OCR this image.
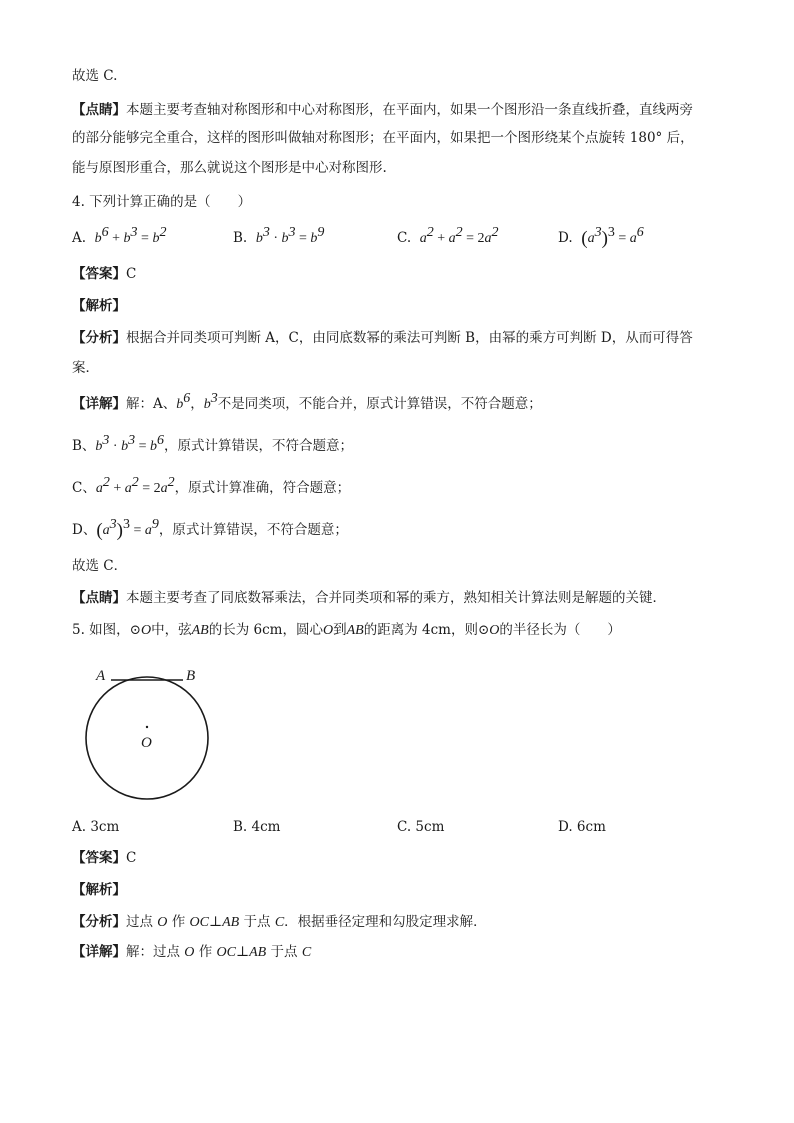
故选 C.
【点睛】本题主要考查轴对称图形和中心对称图形，在平面内，如果一个图形沿一条直线折叠，直线两旁
的部分能够完全重合，这样的图形叫做轴对称图形；在平面内，如果把一个图形绕某个点旋转 180° 后，
能与原图形重合，那么就说这个图形是中心对称图形.
4. 下列计算正确的是（　　）
A. $b^6 + b^3 = b^2$	B. $b^3 \cdot b^3 = b^9$	C. $a^2 + a^2 = 2a^2$	D. $(a^3)^3 = a^6$
【答案】C
【解析】
【分析】根据合并同类项可判断 A，C，由同底数幂的乘法可判断 B，由幂的乘方可判断 D，从而可得答
案．
【详解】解：A、$b^6$，$b^3$不是同类项，不能合并，原式计算错误，不符合题意；
B、$b^3 \cdot b^3 = b^6$，原式计算错误，不符合题意；
C、$a^2 + a^2 = 2a^2$，原式计算准确，符合题意；
D、$(a^3)^3 = a^9$，原式计算错误，不符合题意；
故选 C．
【点睛】本题主要考查了同底数幂乘法，合并同类项和幂的乘方，熟知相关计算法则是解题的关键．
5. 如图，⊙O中，弦AB的长为 6cm，圆心O到AB的距离为 4cm，则⊙O的半径长为（　　）
A	B
O
A. 3cm	B. 4cm	C. 5cm	D. 6cm
【答案】C
【解析】
【分析】过点 O 作 OC⊥AB 于点 C．根据垂径定理和勾股定理求解．
【详解】解：过点 O 作 OC⊥AB 于点 C
